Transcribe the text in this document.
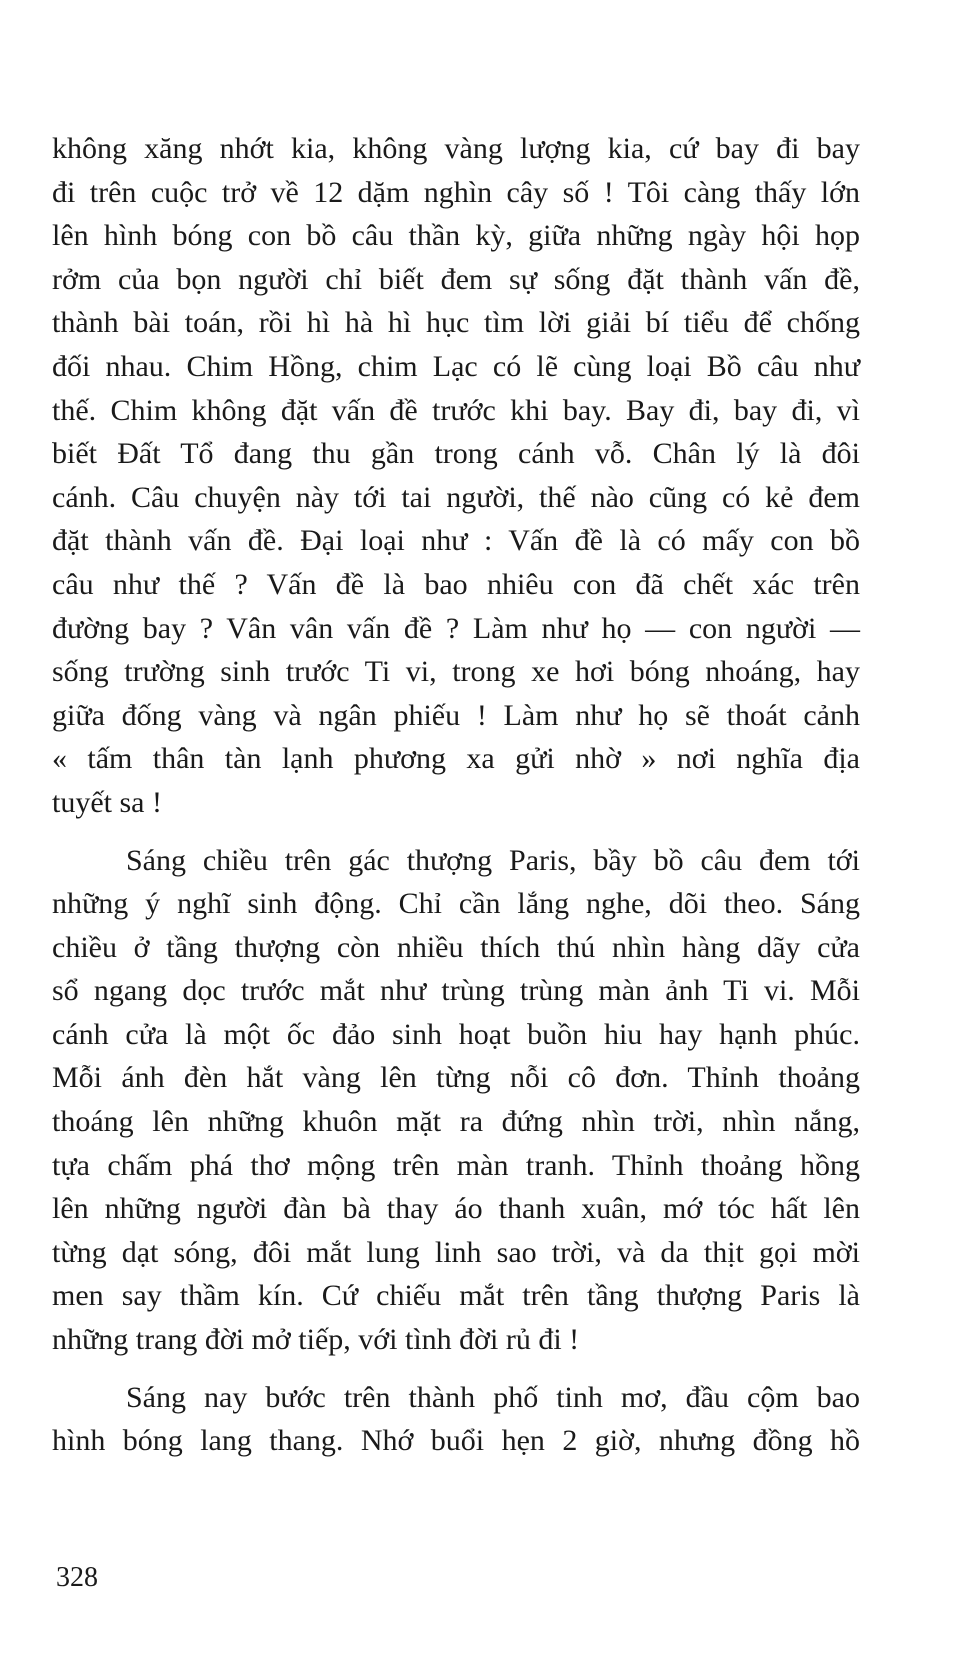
không xăng nhớt kia, không vàng lượng kia, cứ bay đi bay
đi trên cuộc trở về 12 dặm nghìn cây số ! Tôi càng thấy lớn
lên hình bóng con bồ câu thần kỳ, giữa những ngày hội họp
rởm của bọn người chỉ biết đem sự sống đặt thành vấn đề,
thành bài toán, rồi hì hà hì hục tìm lời giải bí tiểu để chống
đối nhau. Chim Hồng, chim Lạc có lẽ cùng loại Bồ câu như
thế. Chim không đặt vấn đề trước khi bay. Bay đi, bay đi, vì
biết Đất Tổ đang thu gần trong cánh vỗ. Chân lý là đôi
cánh. Câu chuyện này tới tai người, thế nào cũng có kẻ đem
đặt thành vấn đề. Đại loại như : Vấn đề là có mấy con bồ
câu như thế ? Vấn đề là bao nhiêu con đã chết xác trên
đường bay ? Vân vân vấn đề ? Làm như họ — con người —
sống trường sinh trước Ti vi, trong xe hơi bóng nhoáng, hay
giữa đống vàng và ngân phiếu ! Làm như họ sẽ thoát cảnh
« tấm thân tàn lạnh phương xa gửi nhờ » nơi nghĩa địa
tuyết sa !
Sáng chiều trên gác thượng Paris, bầy bồ câu đem tới
những ý nghĩ sinh động. Chỉ cần lắng nghe, dõi theo. Sáng
chiều ở tầng thượng còn nhiều thích thú nhìn hàng dãy cửa
sổ ngang dọc trước mắt như trùng trùng màn ảnh Ti vi. Mỗi
cánh cửa là một ốc đảo sinh hoạt buồn hiu hay hạnh phúc.
Mỗi ánh đèn hắt vàng lên từng nỗi cô đơn. Thỉnh thoảng
thoáng lên những khuôn mặt ra đứng nhìn trời, nhìn nắng,
tựa chấm phá thơ mộng trên màn tranh. Thỉnh thoảng hồng
lên những người đàn bà thay áo thanh xuân, mớ tóc hất lên
từng dạt sóng, đôi mắt lung linh sao trời, và da thịt gọi mời
men say thầm kín. Cứ chiếu mắt trên tầng thượng Paris là
những trang đời mở tiếp, với tình đời rủ đi !
Sáng nay bước trên thành phố tinh mơ, đầu cộm bao
hình bóng lang thang. Nhớ buổi hẹn 2 giờ, nhưng đồng hồ
328
